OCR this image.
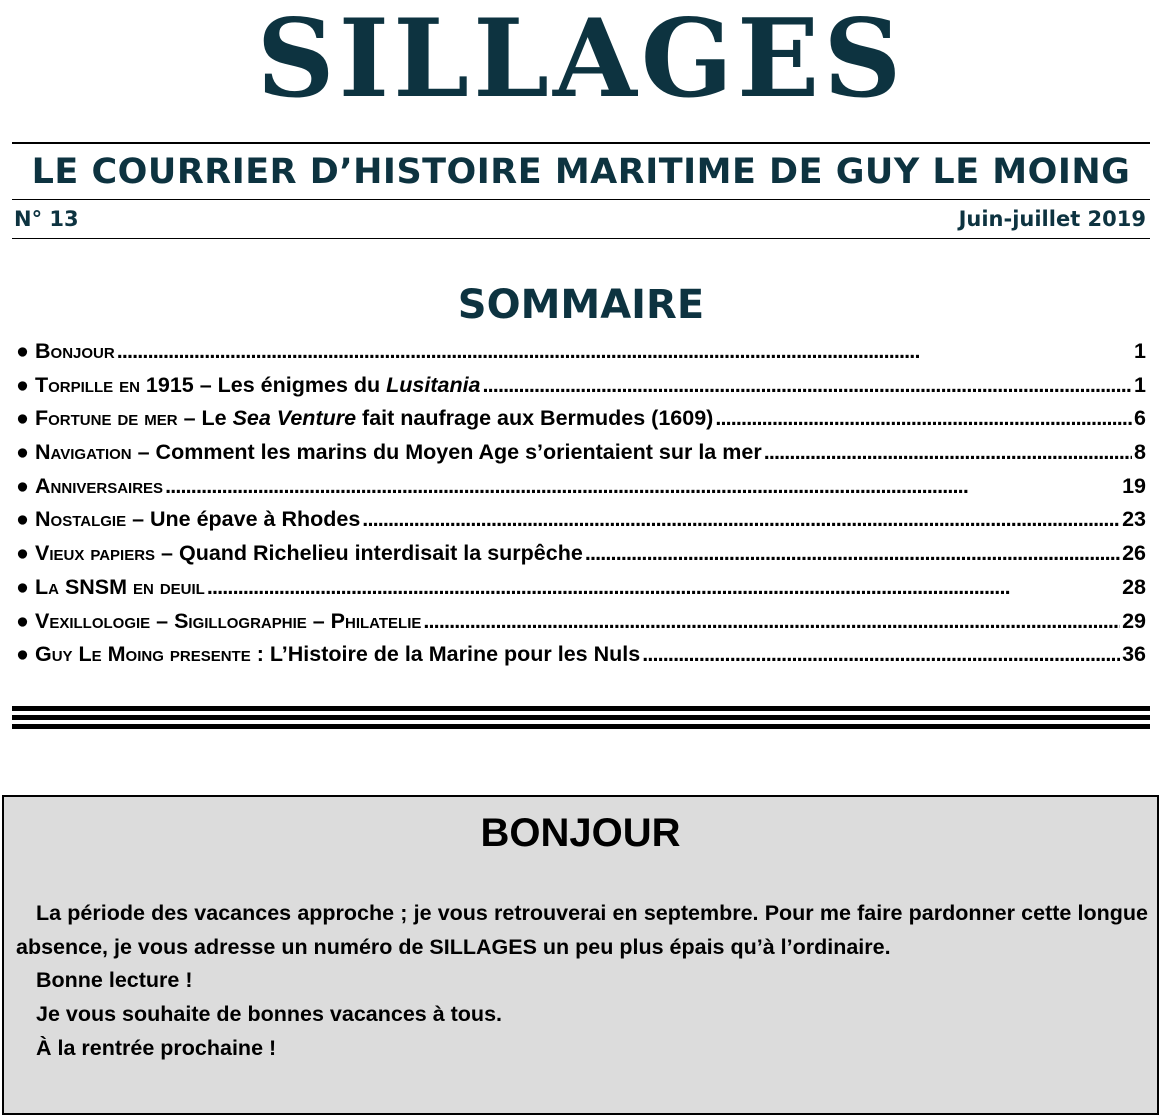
SILLAGES
LE COURRIER D’HISTOIRE MARITIME DE GUY LE MOING
N° 13	Juin-juillet 2019
SOMMAIRE
● Bonjour . . .	1
● Torpille en 1915 – Les énigmes du Lusitania . . .	1
● Fortune de mer – Le Sea Venture fait naufrage aux Bermudes (1609) . . .	6
● Navigation – Comment les marins du Moyen Age s’orientaient sur la mer . . .	8
● Anniversaires . . .	19
● Nostalgie – Une épave à Rhodes . . .	23
● Vieux papiers – Quand Richelieu interdisait la surpêche . . .	26
● La SNSM en deuil . . .	28
● Vexillologie – Sigillographie – Philatelie . . .	29
● Guy Le Moing presente : L’Histoire de la Marine pour les Nuls . . .	36
BONJOUR

La période des vacances approche ; je vous retrouverai en septembre. Pour me faire pardonner cette longue absence, je vous adresse un numéro de SILLAGES un peu plus épais qu’à l’ordinaire.

Bonne lecture !

Je vous souhaite de bonnes vacances à tous.

À la rentrée prochaine !
